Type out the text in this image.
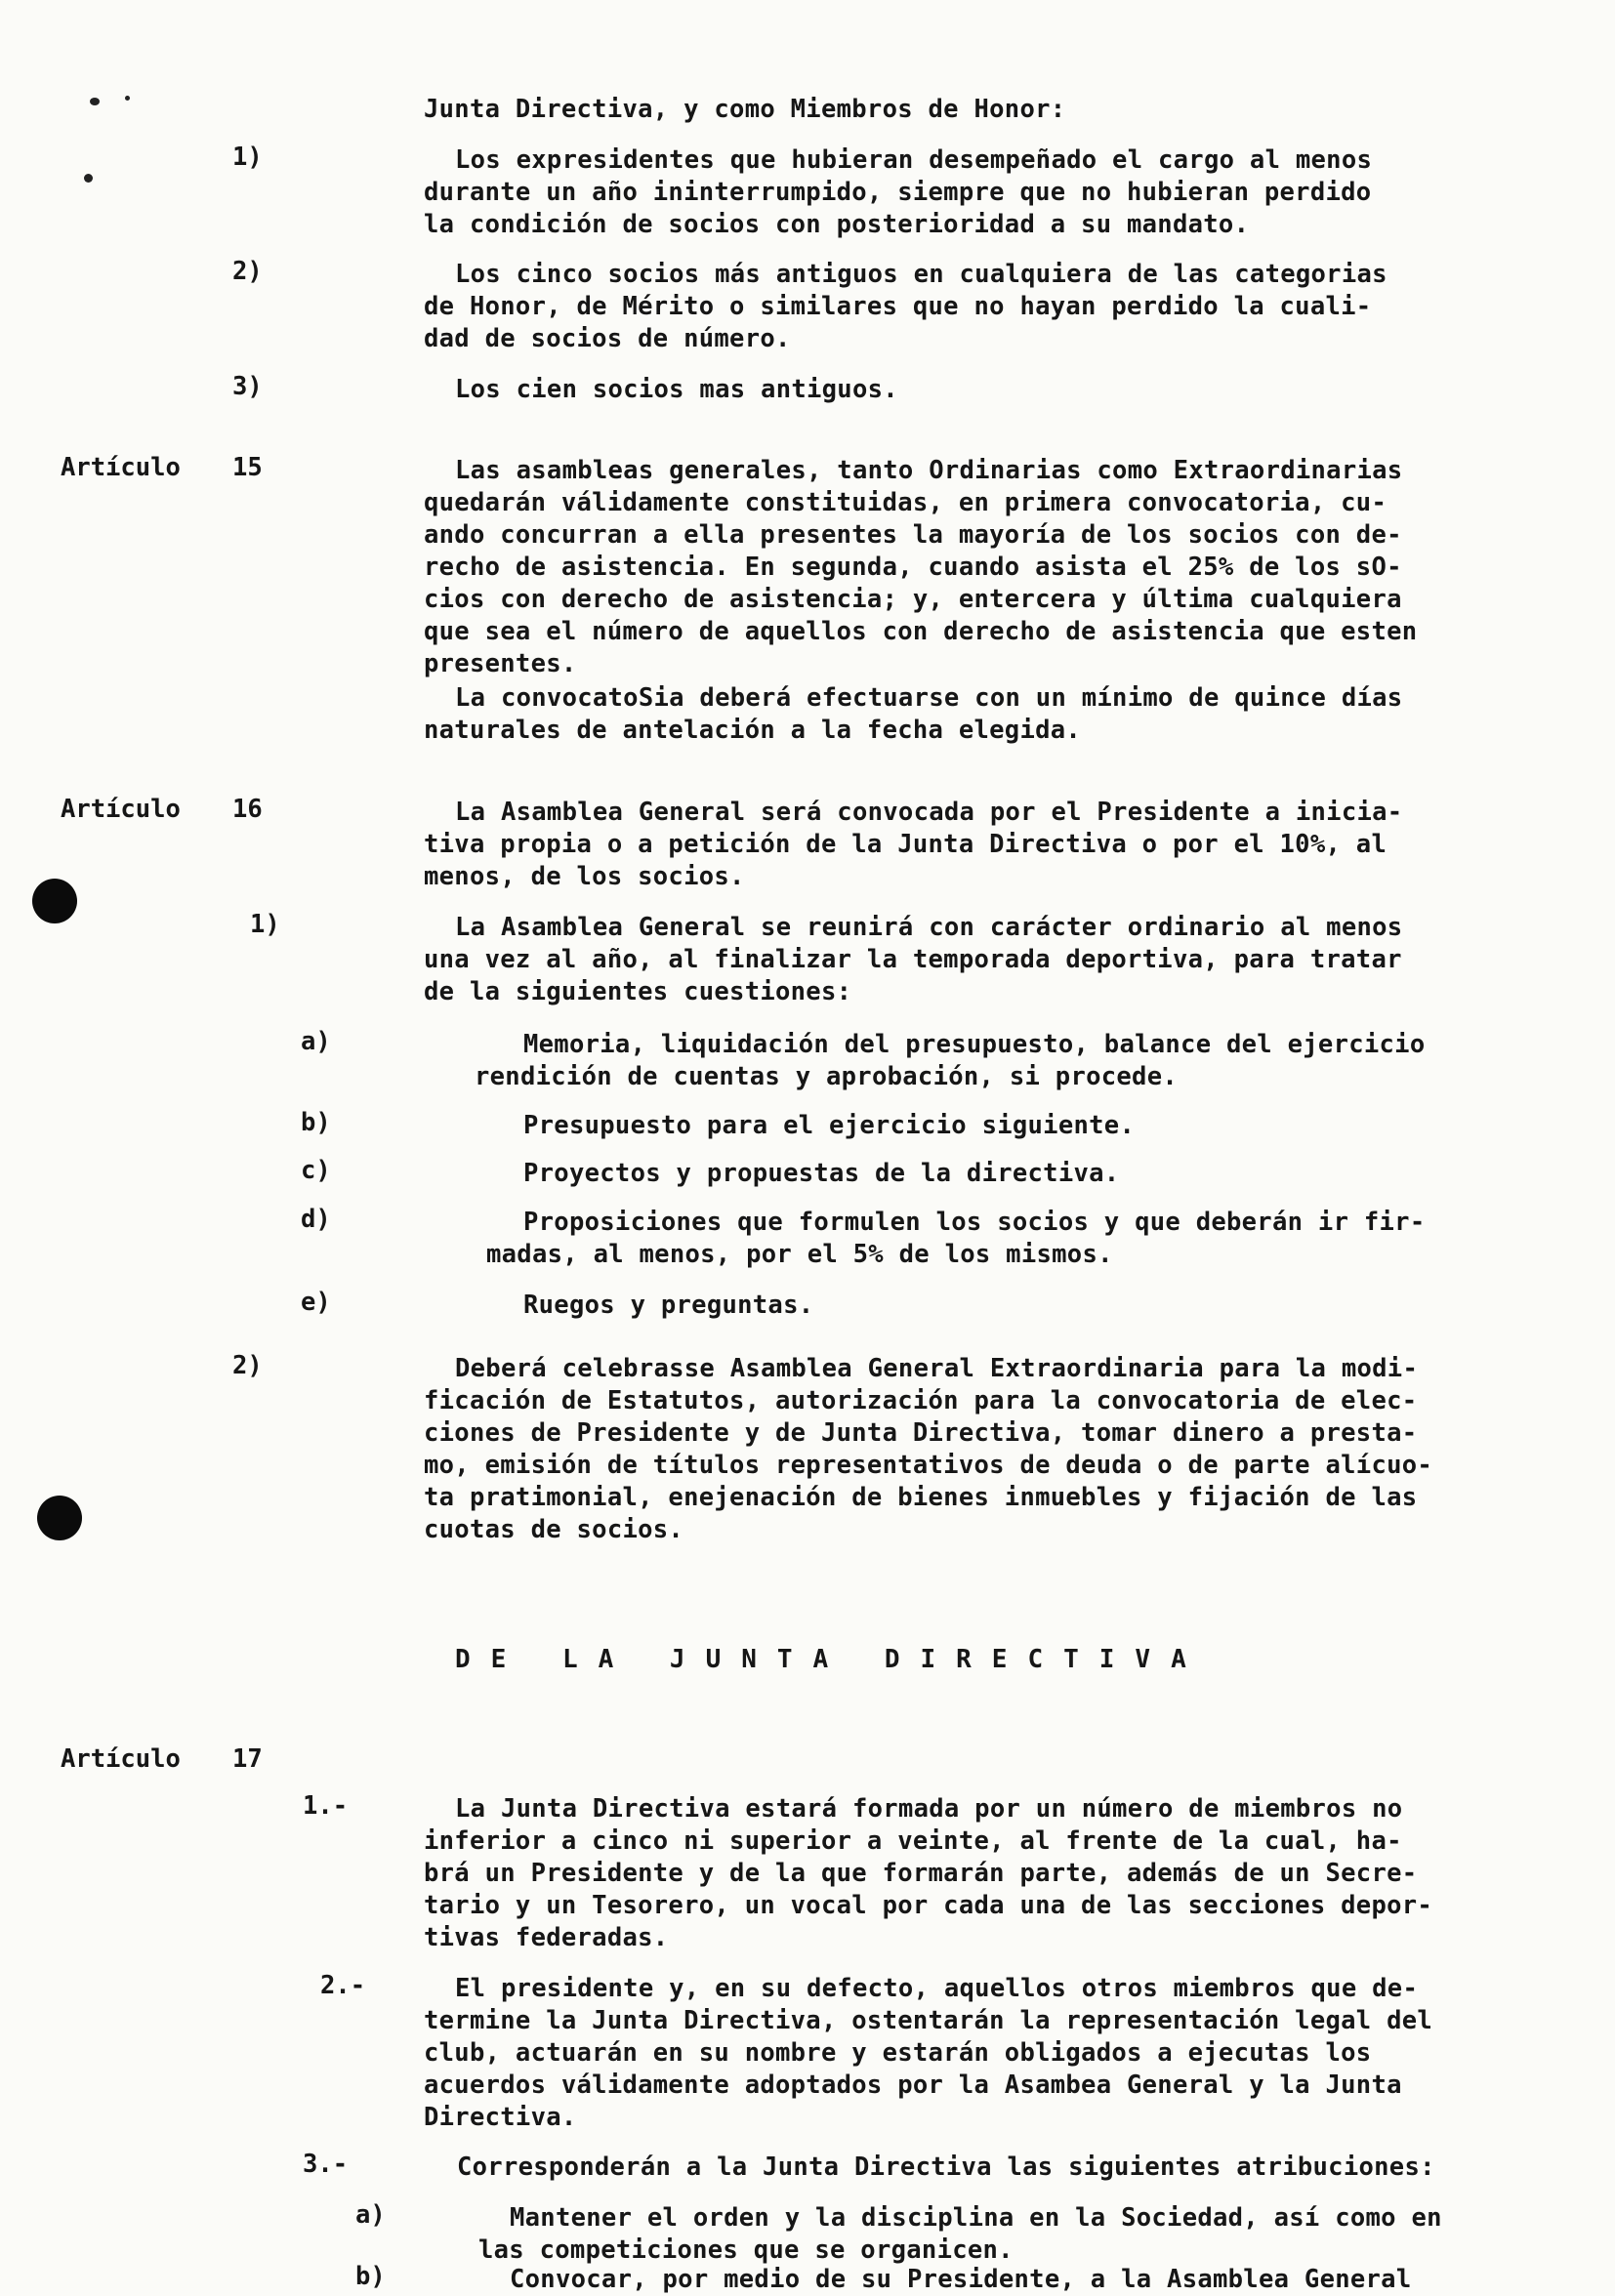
Junta Directiva, y como Miembros de Honor:
1)	Los expresidentes que hubieran desempeñado el cargo al menos
durante un año ininterrumpido, siempre que no hubieran perdido
la condición de socios con posterioridad a su mandato.
2)	Los cinco socios más antiguos en cualquiera de las categorias
de Honor, de Mérito o similares que no hayan perdido la cuali-
dad de socios de número.
3)	Los cien socios mas antiguos.
Artículo 15	Las asambleas generales, tanto Ordinarias como Extraordinarias
quedarán válidamente constituidas, en primera convocatoria, cu-
ando concurran a ella presentes la mayoría de los socios con de-
recho de asistencia. En segunda, cuando asista el 25% de los sO-
cios con derecho de asistencia; y, entercera y última cualquiera
que sea el número de aquellos con derecho de asistencia que esten
presentes.
La convocatoSia deberá efectuarse con un mínimo de quince días
naturales de antelación a la fecha elegida.
Artículo 16	La Asamblea General será convocada por el Presidente a inicia-
tiva propia o a petición de la Junta Directiva o por el 10%, al
menos, de los socios.
1)	La Asamblea General se reunirá con carácter ordinario al menos
una vez al año, al finalizar la temporada deportiva, para tratar
de la siguientes cuestiones:
a)	Memoria, liquidación del presupuesto, balance del ejercicio
rendición de cuentas y aprobación, si procede.
b)	Presupuesto para el ejercicio siguiente.
c)	Proyectos y propuestas de la directiva.
d)	Proposiciones que formulen los socios y que deberán ir fir-
madas, al menos, por el 5% de los mismos.
e)	Ruegos y preguntas.
2)	Deberá celebrasse Asamblea General Extraordinaria para la modi-
ficación de Estatutos, autorización para la convocatoria de elec-
ciones de Presidente y de Junta Directiva, tomar dinero a presta-
mo, emisión de títulos representativos de deuda o de parte alícuo-
ta pratimonial, enejenación de bienes inmuebles y fijación de las
cuotas de socios.
DE LA JUNTA DIRECTIVA
Artículo 17
1.-	La Junta Directiva estará formada por un número de miembros no
inferior a cinco ni superior a veinte, al frente de la cual, ha-
brá un Presidente y de la que formarán parte, además de un Secre-
tario y un Tesorero, un vocal por cada una de las secciones depor-
tivas federadas.
2.-	El presidente y, en su defecto, aquellos otros miembros que de-
termine la Junta Directiva, ostentarán la representación legal del
club, actuarán en su nombre y estarán obligados a ejecutas los
acuerdos válidamente adoptados por la Asambea General y la Junta
Directiva.
3.-	Corresponderán a la Junta Directiva las siguientes atribuciones:
a)	Mantener el orden y la disciplina en la Sociedad, así como en
las competiciones que se organicen.
b)	Convocar, por medio de su Presidente, a la Asamblea General
